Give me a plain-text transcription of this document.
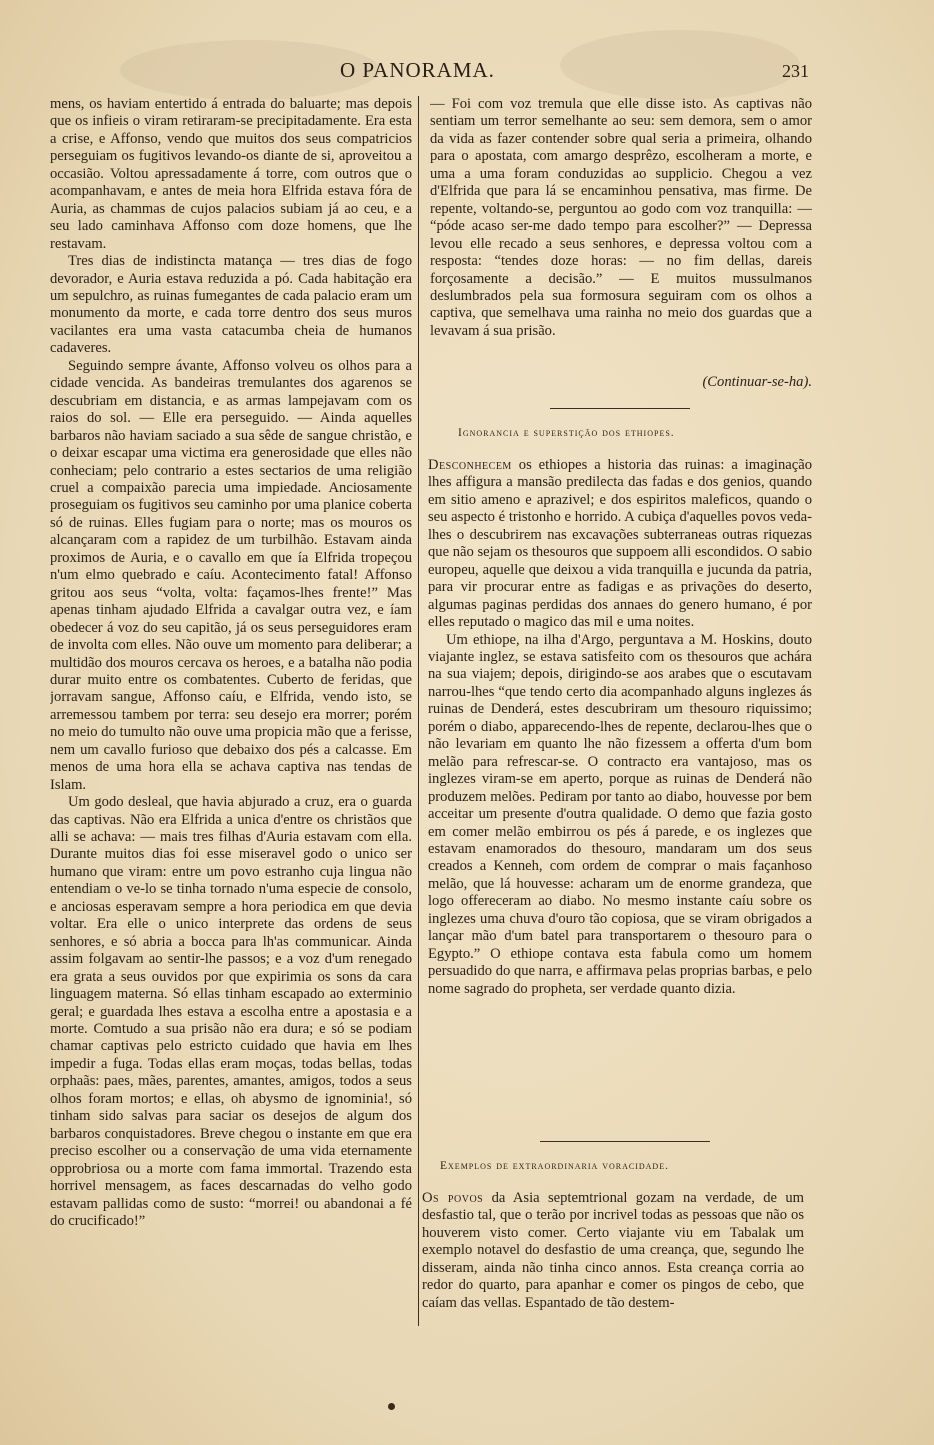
O PANORAMA.	231

mens, os haviam entertido á entrada do baluarte; mas depois que os infieis o viram retiraram-se precipitadamente. Era esta a crise, e Affonso, vendo que muitos dos seus compatricios perseguiam os fugitivos levando-os diante de si, aproveitou a occasião. Voltou apressadamente á torre, com outros que o acompanhavam, e antes de meia hora Elfrida estava fóra de Auria, as chammas de cujos palacios subiam já ao ceu, e a seu lado caminhava Affonso com doze homens, que lhe restavam.

Tres dias de indistincta matança — tres dias de fogo devorador, e Auria estava reduzida a pó. Cada habitação era um sepulchro, as ruinas fumegantes de cada palacio eram um monumento da morte, e cada torre dentro dos seus muros vacilantes era uma vasta catacumba cheia de humanos cadaveres.

Seguindo sempre ávante, Affonso volveu os olhos para a cidade vencida. As bandeiras tremulantes dos agarenos se descubriam em distancia, e as armas lampejavam com os raios do sol. — Elle era perseguido. — Ainda aquelles barbaros não haviam saciado a sua sêde de sangue christão, e o deixar escapar uma victima era generosidade que elles não conheciam; pelo contrario a estes sectarios de uma religião cruel a compaixão parecia uma impiedade. Anciosamente proseguiam os fugitivos seu caminho por uma planice coberta só de ruinas. Elles fugiam para o norte; mas os mouros os alcançaram com a rapidez de um turbilhão. Estavam ainda proximos de Auria, e o cavallo em que ía Elfrida tropeçou n'um elmo quebrado e caíu. Acontecimento fatal! Affonso gritou aos seus “volta, volta: façamos-lhes frente!” Mas apenas tinham ajudado Elfrida a cavalgar outra vez, e íam obedecer á voz do seu capitão, já os seus perseguidores eram de involta com elles. Não ouve um momento para deliberar; a multidão dos mouros cercava os heroes, e a batalha não podia durar muito entre os combatentes. Cuberto de feridas, que jorravam sangue, Affonso caíu, e Elfrida, vendo isto, se arremessou tambem por terra: seu desejo era morrer; porém no meio do tumulto não ouve uma propicia mão que a ferisse, nem um cavallo furioso que debaixo dos pés a calcasse. Em menos de uma hora ella se achava captiva nas tendas de Islam.

Um godo desleal, que havia abjurado a cruz, era o guarda das captivas. Não era Elfrida a unica d'entre os christãos que alli se achava: — mais tres filhas d'Auria estavam com ella. Durante muitos dias foi esse miseravel godo o unico ser humano que viram: entre um povo estranho cuja lingua não entendiam o ve-lo se tinha tornado n'uma especie de consolo, e anciosas esperavam sempre a hora periodica em que devia voltar. Era elle o unico interprete das ordens de seus senhores, e só abria a bocca para lh'as communicar. Ainda assim folgavam ao sentir-lhe passos; e a voz d'um renegado era grata a seus ouvidos por que expirimia os sons da cara linguagem materna. Só ellas tinham escapado ao exterminio geral; e guardada lhes estava a escolha entre a apostasia e a morte. Comtudo a sua prisão não era dura; e só se podiam chamar captivas pelo estricto cuidado que havia em lhes impedir a fuga. Todas ellas eram moças, todas bellas, todas orphaãs: paes, mães, parentes, amantes, amigos, todos a seus olhos foram mortos; e ellas, oh abysmo de ignominia!, só tinham sido salvas para saciar os desejos de algum dos barbaros conquistadores. Breve chegou o instante em que era preciso escolher ou a conservação de uma vida eternamente opprobriosa ou a morte com fama immortal. Trazendo esta horrivel mensagem, as faces descarnadas do velho godo estavam pallidas como de susto: “morrei! ou abandonai a fé do crucificado!”

— Foi com voz tremula que elle disse isto. As captivas não sentiam um terror semelhante ao seu: sem demora, sem o amor da vida as fazer contender sobre qual seria a primeira, olhando para o apostata, com amargo desprêzo, escolheram a morte, e uma a uma foram conduzidas ao supplicio. Chegou a vez d'Elfrida que para lá se encaminhou pensativa, mas firme. De repente, voltando-se, perguntou ao godo com voz tranquilla: — “póde acaso ser-me dado tempo para escolher?” — Depressa levou elle recado a seus senhores, e depressa voltou com a resposta: “tendes doze horas: — no fim dellas, dareis forçosamente a decisão.” — E muitos mussulmanos deslumbrados pela sua formosura seguiram com os olhos a captiva, que semelhava uma rainha no meio dos guardas que a levavam á sua prisão.

(Continuar-se-ha).
Ignorancia e superstição dos ethiopes.

Desconhecem os ethiopes a historia das ruinas: a imaginação lhes affigura a mansão predilecta das fadas e dos genios, quando em sitio ameno e aprazivel; e dos espiritos maleficos, quando o seu aspecto é tristonho e horrido. A cubiça d'aquelles povos veda-lhes o descubrirem nas excavações subterraneas outras riquezas que não sejam os thesouros que suppoem alli escondidos. O sabio europeu, aquelle que deixou a vida tranquilla e jucunda da patria, para vir procurar entre as fadigas e as privações do deserto, algumas paginas perdidas dos annaes do genero humano, é por elles reputado o magico das mil e uma noites.

Um ethiope, na ilha d'Argo, perguntava a M. Hoskins, douto viajante inglez, se estava satisfeito com os thesouros que achára na sua viajem; depois, dirigindo-se aos arabes que o escutavam narrou-lhes “que tendo certo dia acompanhado alguns inglezes ás ruinas de Denderá, estes descubriram um thesouro riquissimo; porém o diabo, apparecendo-lhes de repente, declarou-lhes que o não levariam em quanto lhe não fizessem a offerta d'um bom melão para refrescar-se. O contracto era vantajoso, mas os inglezes viram-se em aperto, porque as ruinas de Denderá não produzem melões. Pediram por tanto ao diabo, houvesse por bem acceitar um presente d'outra qualidade. O demo que fazia gosto em comer melão embirrou os pés á parede, e os inglezes que estavam enamorados do thesouro, mandaram um dos seus creados a Kenneh, com ordem de comprar o mais façanhoso melão, que lá houvesse: acharam um de enorme grandeza, que logo offereceram ao diabo. No mesmo instante caíu sobre os inglezes uma chuva d'ouro tão copiosa, que se viram obrigados a lançar mão d'um batel para transportarem o thesouro para o Egypto.” O ethiope contava esta fabula como um homem persuadido do que narra, e affirmava pelas proprias barbas, e pelo nome sagrado do propheta, ser verdade quanto dizia.

Exemplos de extraordinaria voracidade.

Os povos da Asia septemtrional gozam na verdade, de um desfastio tal, que o terão por incrivel todas as pessoas que não os houverem visto comer. Certo viajante viu em Tabalak um exemplo notavel do desfastio de uma creança, que, segundo lhe disseram, ainda não tinha cinco annos. Esta creança corria ao redor do quarto, para apanhar e comer os pingos de cebo, que caíam das vellas. Espantado de tão destem-
